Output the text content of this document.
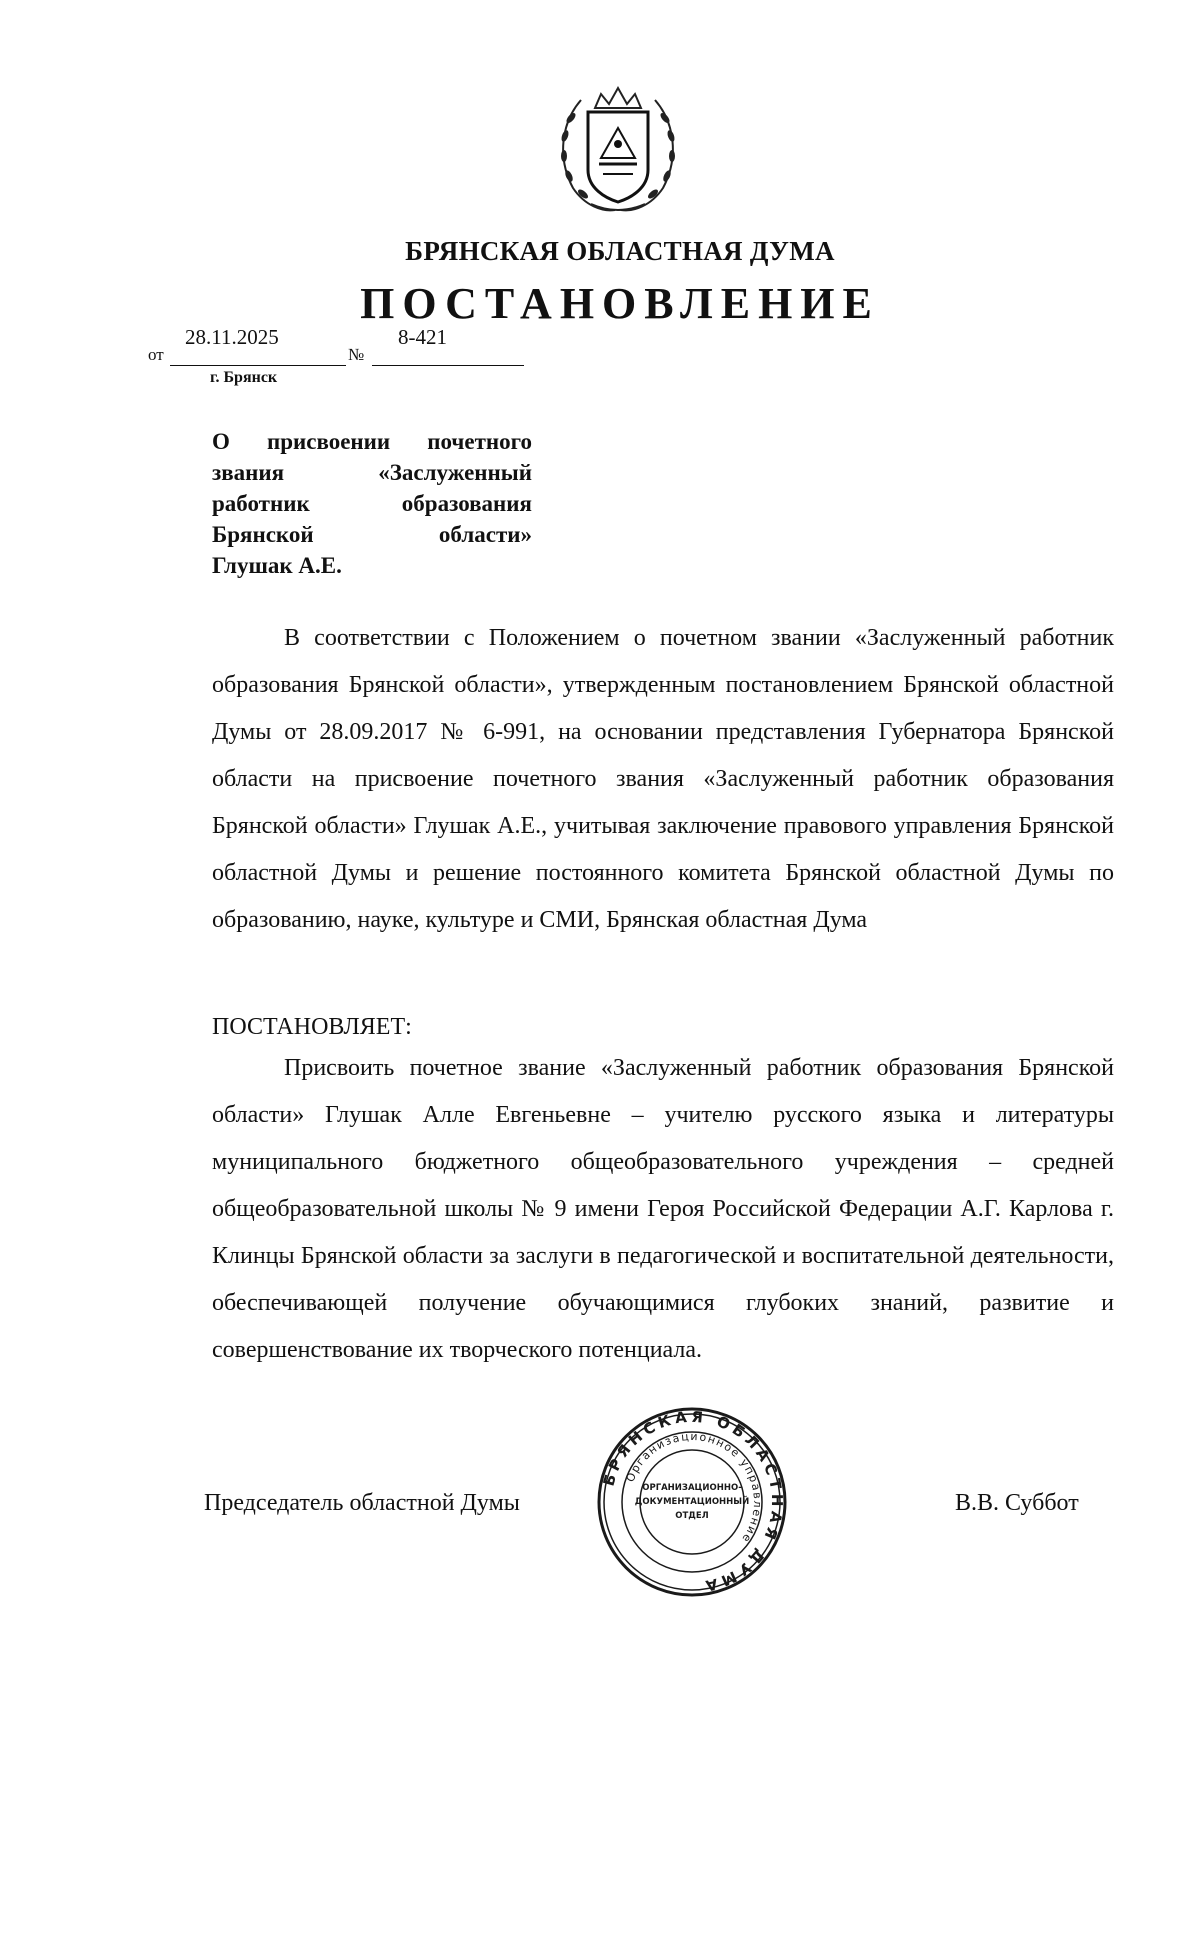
БРЯНСКАЯ ОБЛАСТНАЯ ДУМА
ПОСТАНОВЛЕНИЕ
от
28.11.2025
№
8-421
г. Брянск
О присвоении почетного
звания «Заслуженный
работник образования
Брянской области»
Глушак А.Е.
В соответствии с Положением о почетном звании «Заслуженный работник образования Брянской области», утвержденным постановлением Брянской областной Думы от 28.09.2017 № 6-991, на основании представления Губернатора Брянской области на присвоение почетного звания «Заслуженный работник образования Брянской области» Глушак А.Е., учитывая заключение правового управления Брянской областной Думы и решение постоянного комитета Брянской областной Думы по образованию, науке, культуре и СМИ, Брянская областная Дума
ПОСТАНОВЛЯЕТ:
Присвоить почетное звание «Заслуженный работник образования Брянской области» Глушак Алле Евгеньевне – учителю русского языка и литературы муниципального бюджетного общеобразовательного учреждения – средней общеобразовательной школы № 9 имени Героя Российской Федерации А.Г. Карлова г. Клинцы Брянской области за заслуги в педагогической и воспитательной деятельности, обеспечивающей получение обучающимися глубоких знаний, развитие и совершенствование их творческого потенциала.
Председатель областной Думы	В.В. Суббот
БРЯНСКАЯ ОБЛАСТНАЯ ДУМА
Организационное управление
ОРГАНИЗАЦИОННО-
ДОКУМЕНТАЦИОННЫЙ
ОТДЕЛ
